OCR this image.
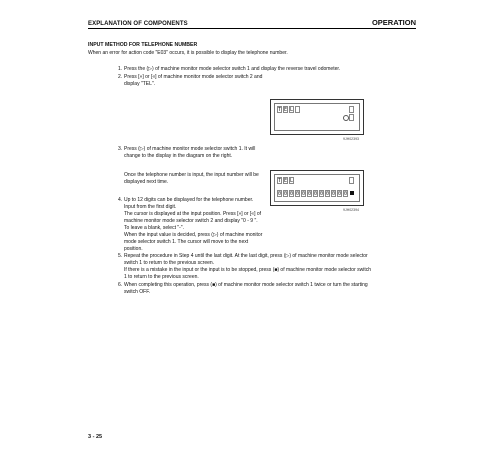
EXPLANATION OF COMPONENTS	OPERATION
INPUT METHOD FOR TELEPHONE NUMBER
When an error for action code "E03" occurs, it is possible to display the telephone number.
1. Press the (▷) of machine monitor mode selector switch 1 and display the reverse travel odometer.
2. Press [»] or [«] of machine monitor mode selector switch 2 and
display "TEL".
T E L
9JH02393
3. Press (▷) of machine monitor mode selector switch 1. It will
change to the display in the diagram on the right.
Once the telephone number is input, the input number will be
displayed next time.	T E L
0 0 0 0 0 0 0 0 0 0 0 0
9JH02394
4. Up to 12 digits can be displayed for the telephone number.
Input from the first digit.
The cursor is displayed at the input position. Press [»] or [«] of
machine monitor mode selector switch 2 and display "0 - 9 ".
To leave a blank, select "-".
When the input value is decided, press (▷) of machine monitor
mode selector switch 1. The cursor will move to the next
position.
5. Repeat the procedure in Step 4 until the last digit. At the last digit, press (▷) of machine monitor mode selector
switch 1 to return to the previous screen.
If there is a mistake in the input or the input is to be stopped, press (■) of machine monitor mode selector switch
1 to return to the previous screen.
6. When completing this operation, press (■) of machine monitor mode selector switch 1 twice or turn the starting
switch OFF.
3 - 25
